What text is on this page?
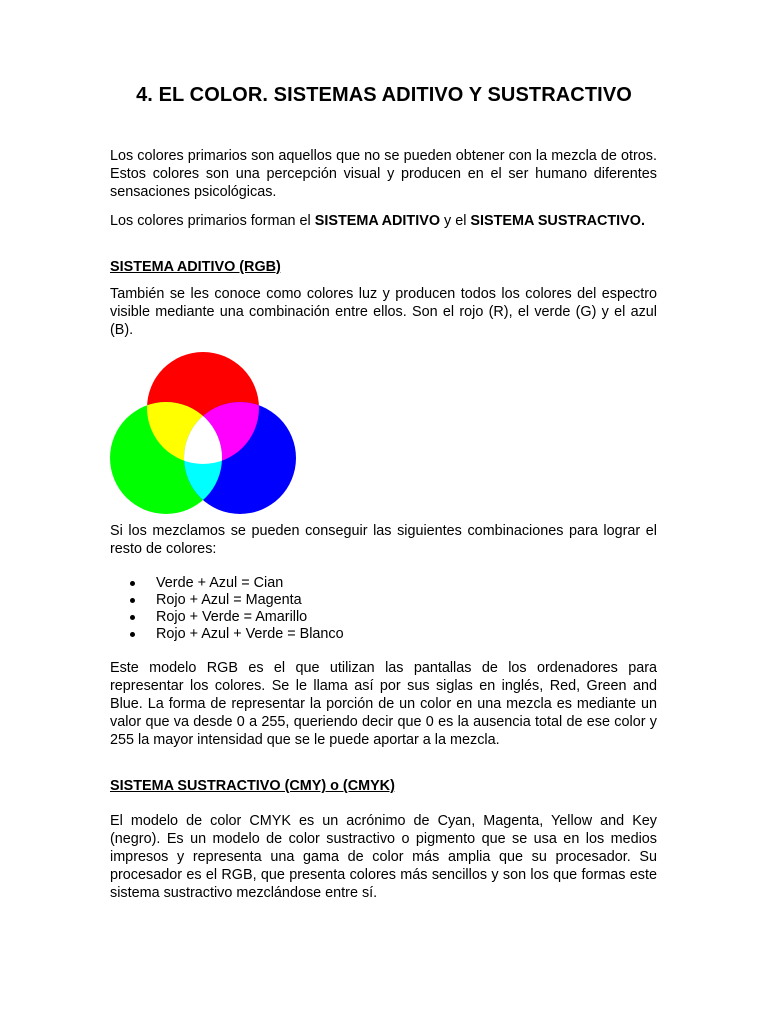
4. EL COLOR. SISTEMAS ADITIVO Y SUSTRACTIVO
Los colores primarios son aquellos que no se pueden obtener con la mezcla de otros. Estos colores son una percepción visual y producen en el ser humano diferentes sensaciones psicológicas.
Los colores primarios forman el SISTEMA ADITIVO y el SISTEMA SUSTRACTIVO.
SISTEMA ADITIVO (RGB)
También se les conoce como colores luz y producen todos los colores del espectro visible mediante una combinación entre ellos. Son el rojo (R), el verde (G) y el azul (B).
Si los mezclamos se pueden conseguir las siguientes combinaciones para lograr el resto de colores:
Verde + Azul = Cian
Rojo + Azul = Magenta
Rojo + Verde = Amarillo
Rojo + Azul + Verde = Blanco
Este modelo RGB es el que utilizan las pantallas de los ordenadores para representar los colores. Se le llama así por sus siglas en inglés, Red, Green and Blue. La forma de representar la porción de un color en una mezcla es mediante un valor que va desde 0 a 255, queriendo decir que 0 es la ausencia total de ese color y 255 la mayor intensidad que se le puede aportar a la mezcla.
SISTEMA SUSTRACTIVO (CMY) o (CMYK)
El modelo de color CMYK es un acrónimo de Cyan, Magenta, Yellow and Key (negro). Es un modelo de color sustractivo o pigmento que se usa en los medios impresos y representa una gama de color más amplia que su procesador. Su procesador es el RGB, que presenta colores más sencillos y son los que formas este sistema sustractivo mezclándose entre sí.
